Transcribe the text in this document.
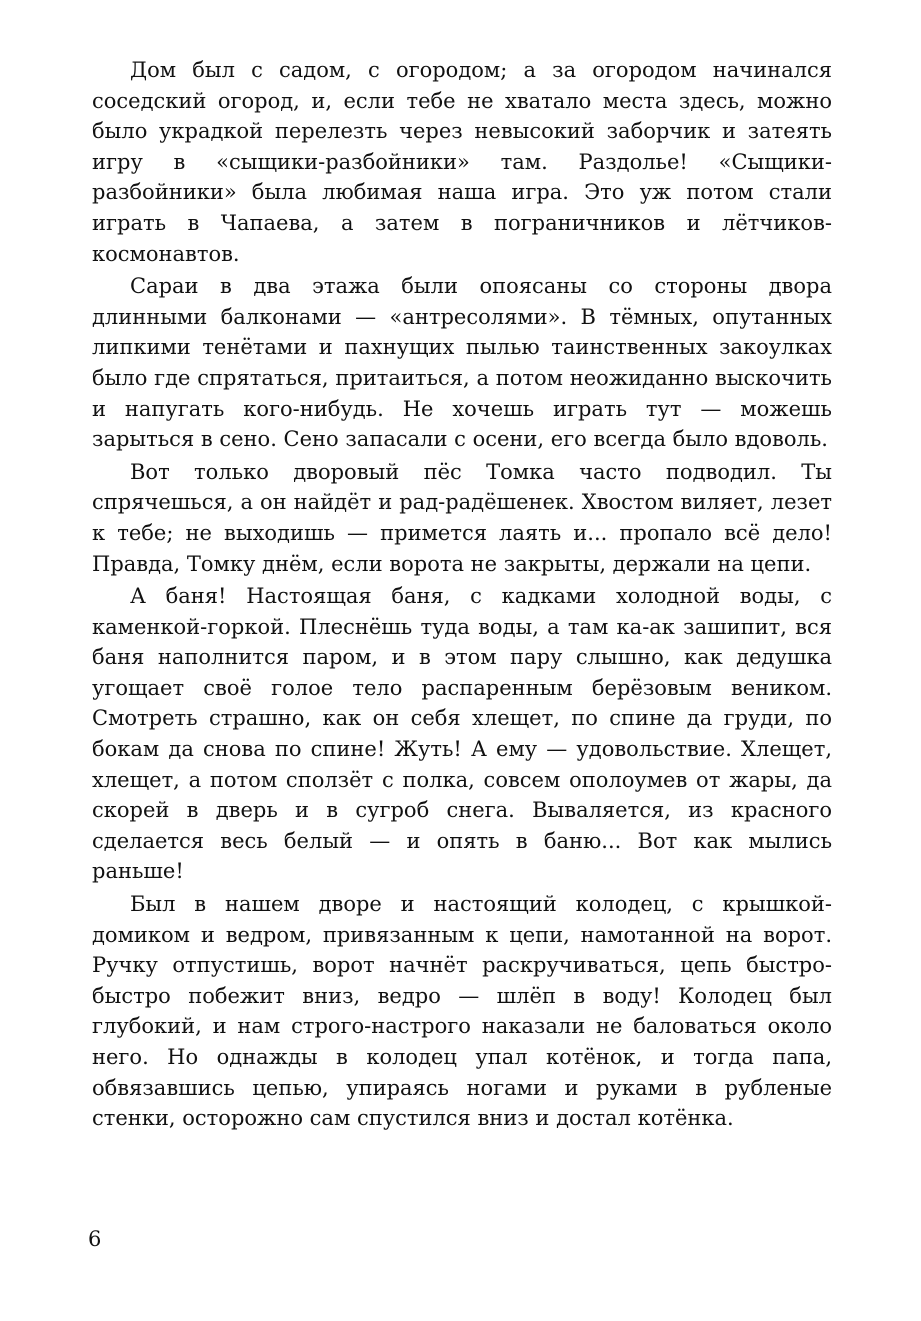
Дом был с садом, с огородом; а за огородом начинался соседский огород, и, если тебе не хватало места здесь, можно было украдкой перелезть через невысокий заборчик и затеять игру в «сыщики-разбойники» там. Раздолье! «Сыщики-разбойники» была любимая наша игра. Это уж потом стали играть в Чапаева, а затем в пограничников и лётчиков-космонавтов.

Сараи в два этажа были опоясаны со стороны двора длинными балконами — «антресолями». В тёмных, опутанных липкими тенётами и пахнущих пылью таинственных закоулках было где спрятаться, притаиться, а потом неожиданно выскочить и напугать кого-нибудь. Не хочешь играть тут — можешь зарыться в сено. Сено запасали с осени, его всегда было вдоволь.

Вот только дворовый пёс Томка часто подводил. Ты спрячешься, а он найдёт и рад-радёшенек. Хвостом виляет, лезет к тебе; не выходишь — примется лаять и... пропало всё дело! Правда, Томку днём, если ворота не закрыты, держали на цепи.

А баня! Настоящая баня, с кадками холодной воды, с каменкой-горкой. Плеснёшь туда воды, а там ка-ак зашипит, вся баня наполнится паром, и в этом пару слышно, как дедушка угощает своё голое тело распаренным берёзовым веником. Смотреть страшно, как он себя хлещет, по спине да груди, по бокам да снова по спине! Жуть! А ему — удовольствие. Хлещет, хлещет, а потом сползёт с полка, совсем ополоумев от жары, да скорей в дверь и в сугроб снега. Вываляется, из красного сделается весь белый — и опять в баню... Вот как мылись раньше!

Был в нашем дворе и настоящий колодец, с крышкой-домиком и ведром, привязанным к цепи, намотанной на ворот. Ручку отпустишь, ворот начнёт раскручиваться, цепь быстро-быстро побежит вниз, ведро — шлёп в воду! Колодец был глубокий, и нам строго-настрого наказали не баловаться около него. Но однажды в колодец упал котёнок, и тогда папа, обвязавшись цепью, упираясь ногами и руками в рубленые стенки, осторожно сам спустился вниз и достал котёнка.

6
